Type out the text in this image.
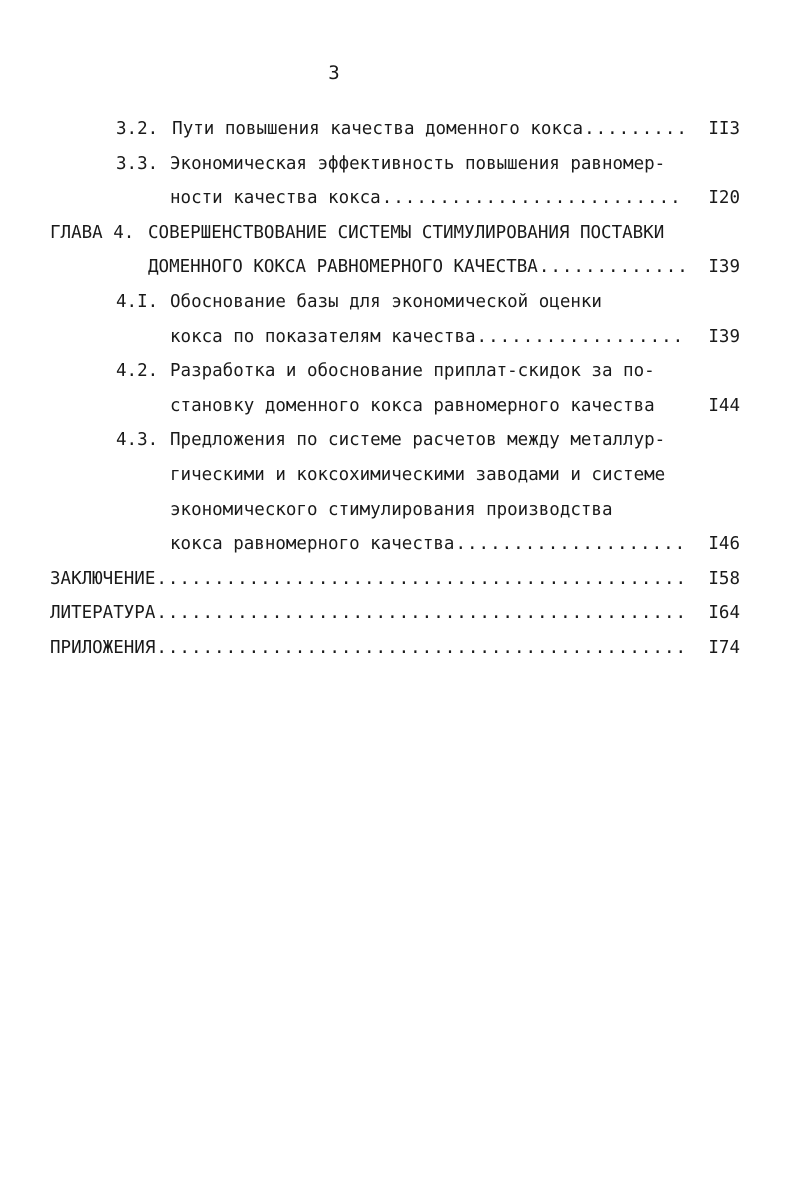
3
3.2. Пути повышения качества доменного кокса .....	II3
3.3. Экономическая эффективность повышения равномер-
ности качества кокса .....	I20
ГЛАВА 4. СОВЕРШЕНСТВОВАНИЕ СИСТЕМЫ СТИМУЛИРОВАНИЯ ПОСТАВКИ
ДОМЕННОГО КОКСА РАВНОМЕРНОГО КАЧЕСТВА .....	I39
4.I. Обоснование базы для экономической оценки
кокса по показателям качества .....	I39
4.2. Разработка и обоснование приплат-скидок за по-
становку доменного кокса равномерного качества	I44
4.3. Предложения по системе расчетов между металлур-
гическими и коксохимическими заводами и системе
экономического стимулирования производства
кокса равномерного качества .....	I46
ЗАКЛЮЧЕНИЕ .....	I58
ЛИТЕРАТУРА .....	I64
ПРИЛОЖЕНИЯ .....	I74
